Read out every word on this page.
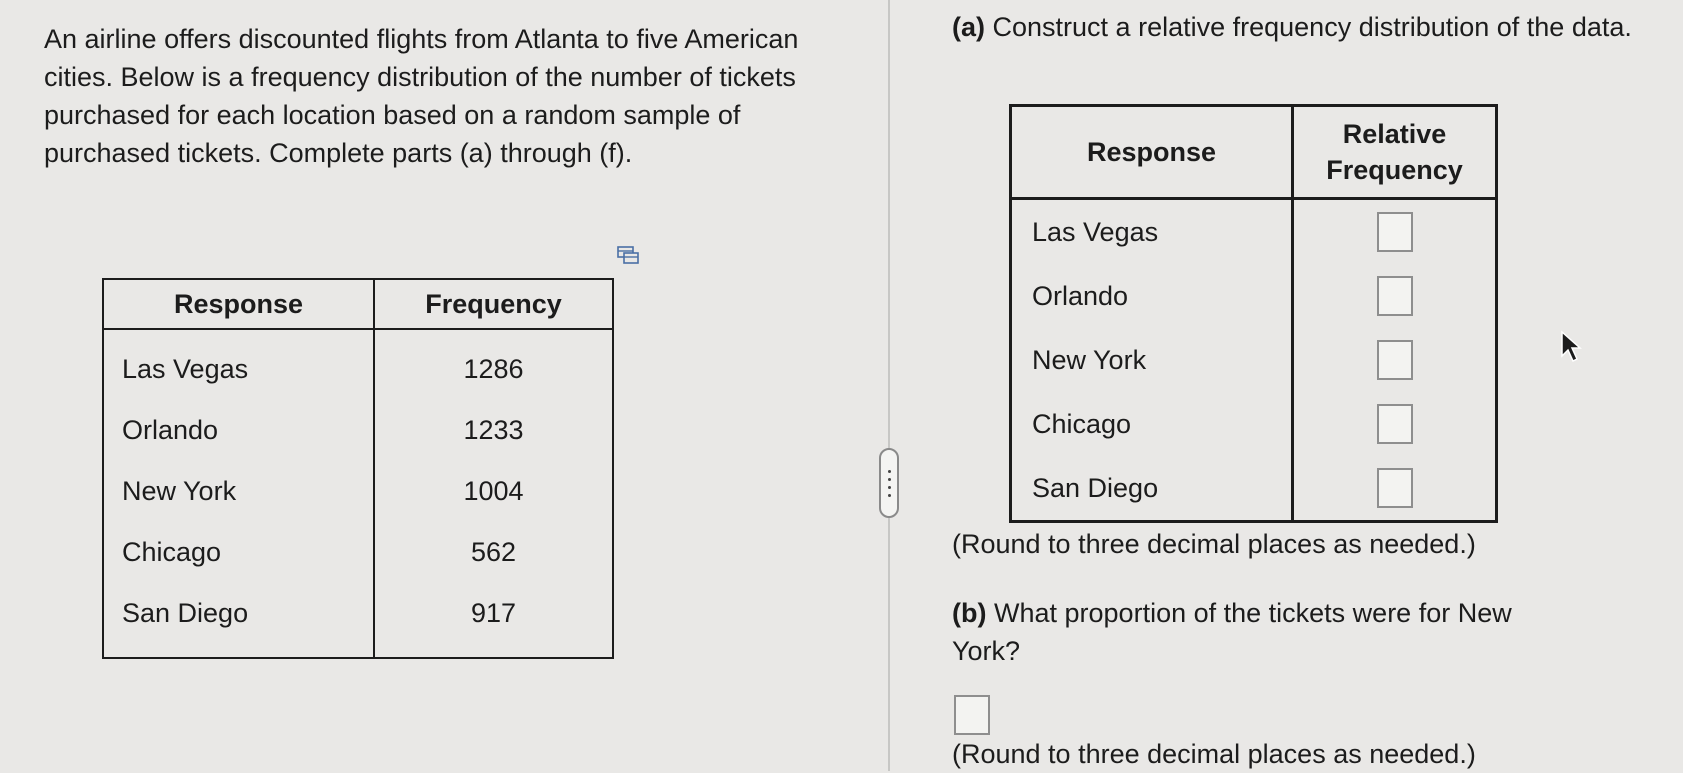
An airline offers discounted flights from Atlanta to five American cities. Below is a frequency distribution of the number of tickets purchased for each location based on a random sample of purchased tickets. Complete parts (a) through (f).

Response	Frequency
Las Vegas	1286
Orlando	1233
New York	1004
Chicago	562
San Diego	917

(a) Construct a relative frequency distribution of the data.

Response	Relative Frequency
Las Vegas	
Orlando	
New York	
Chicago	
San Diego	

(Round to three decimal places as needed.)

(b) What proportion of the tickets were for New York?

(Round to three decimal places as needed.)
